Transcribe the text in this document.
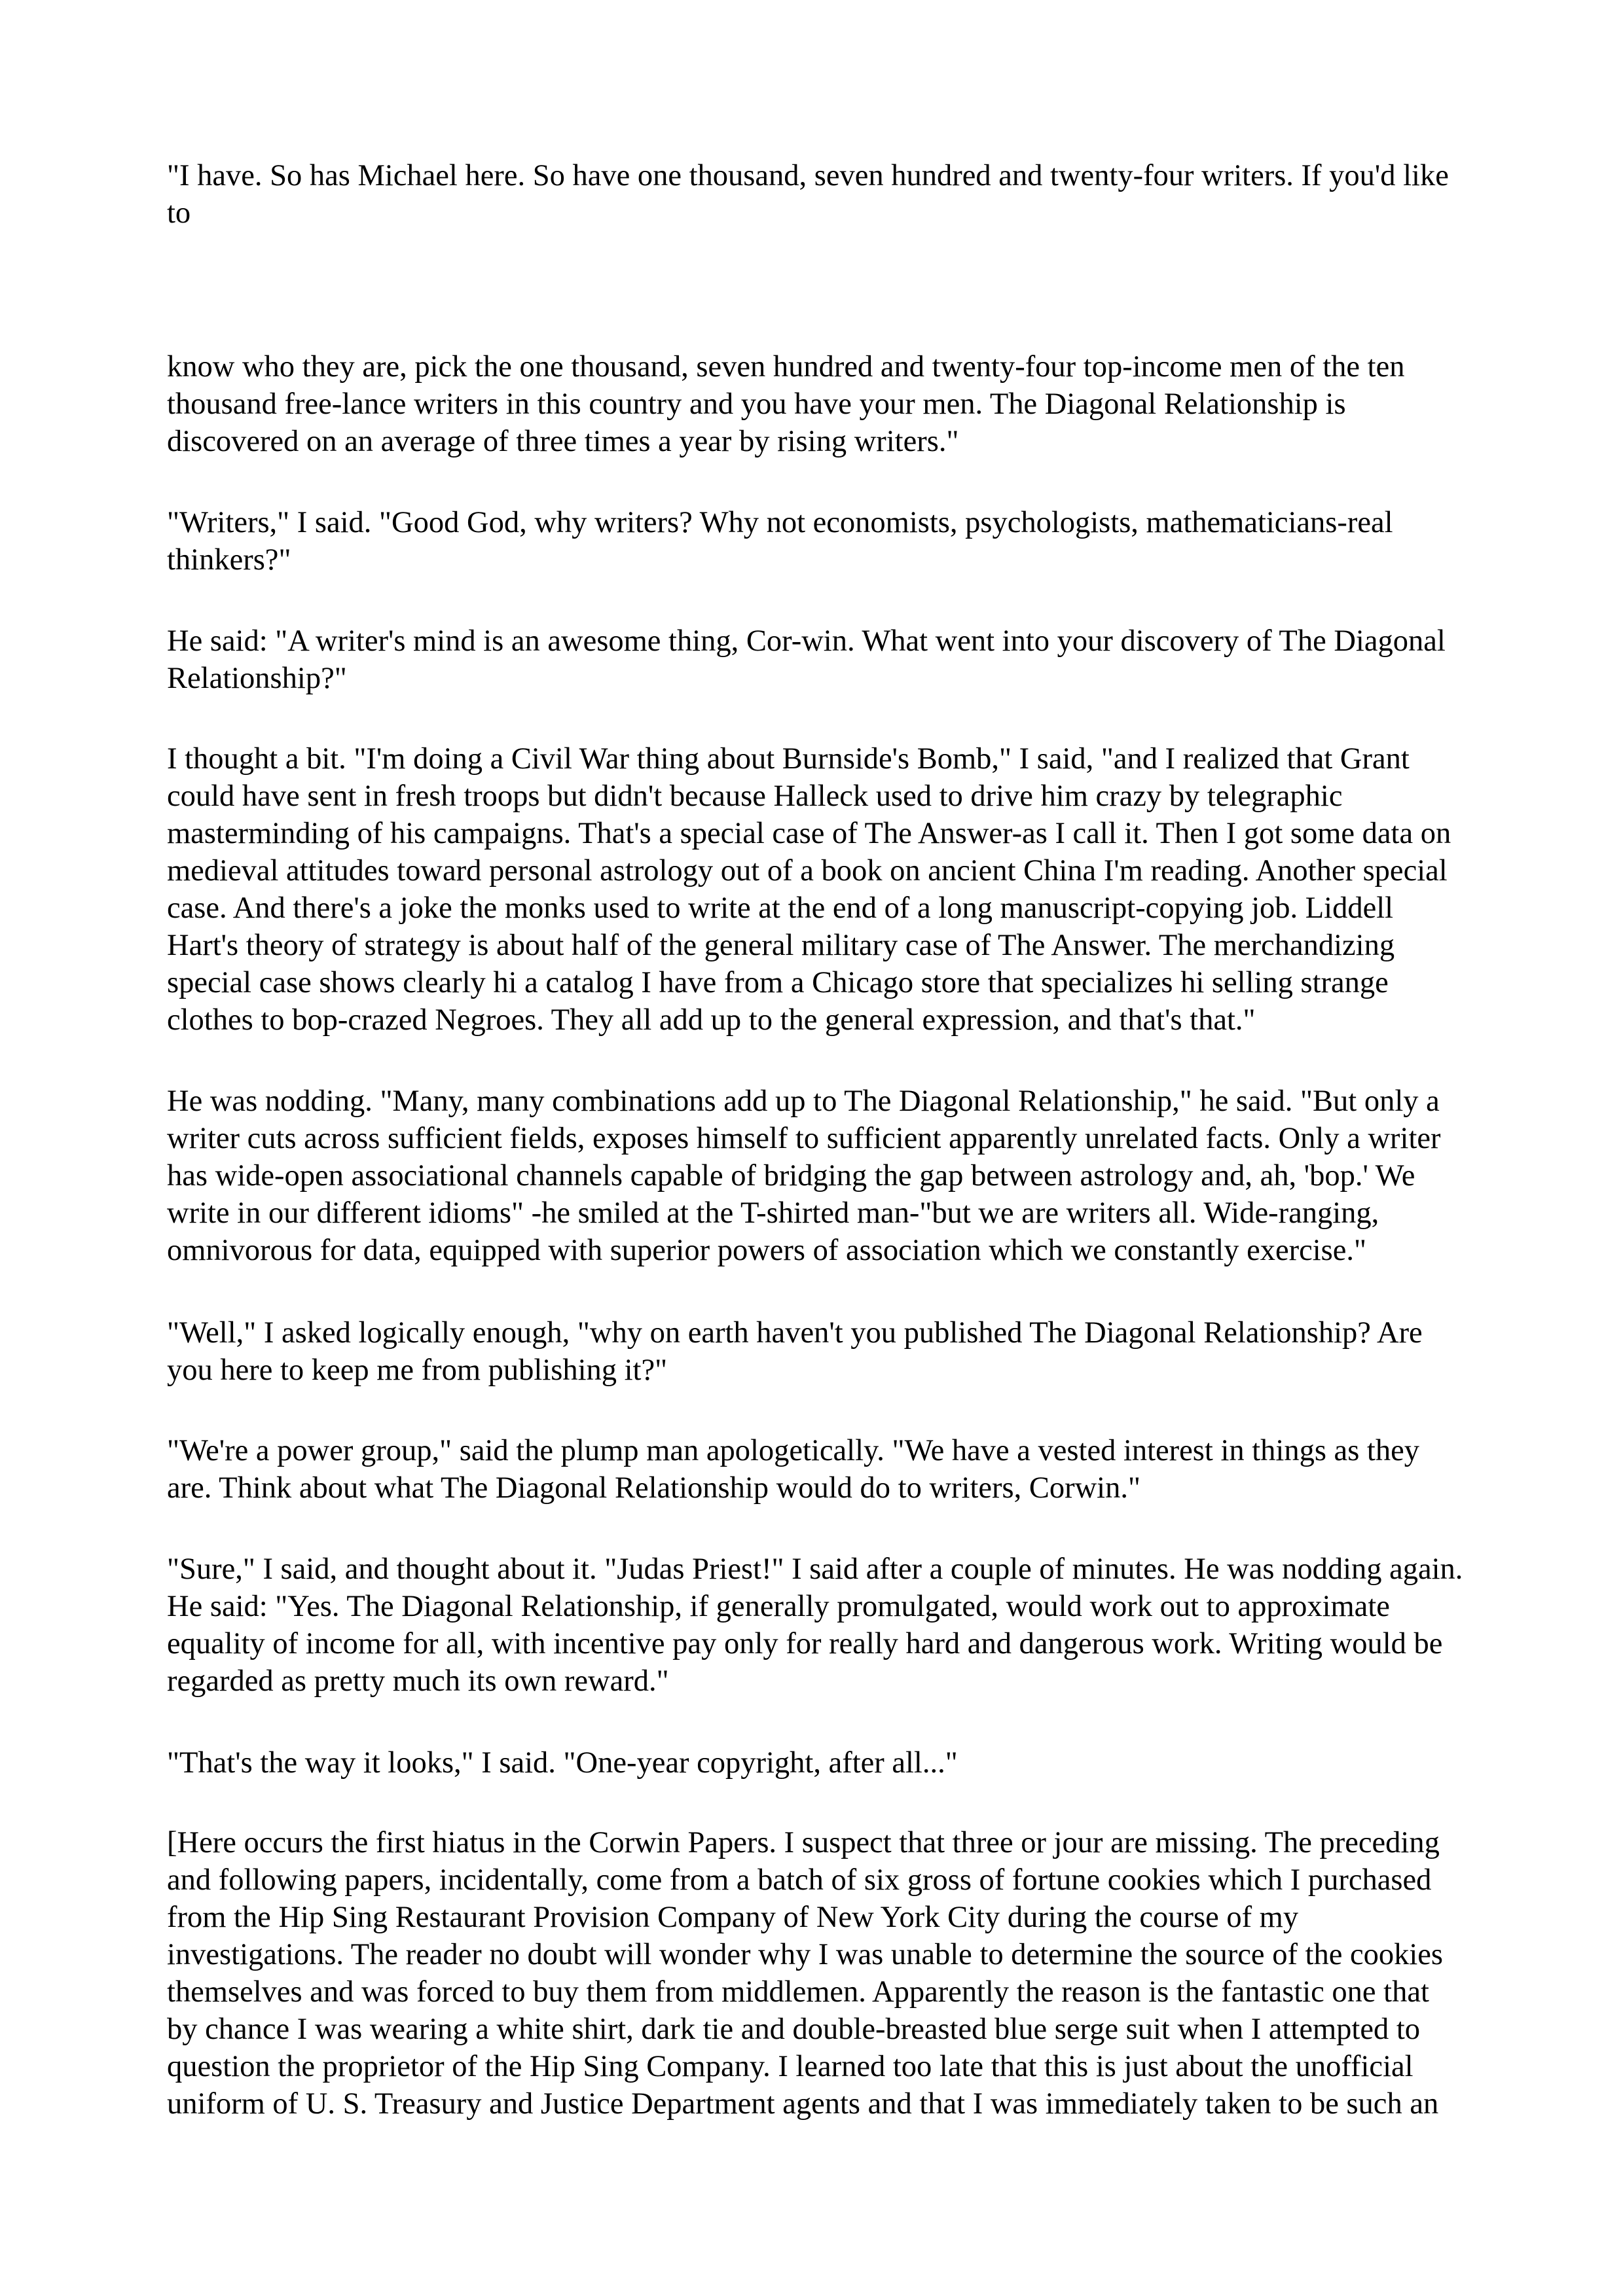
"I have. So has Michael here. So have one thousand, seven hundred and twenty-four writers. If you'd like to

know who they are, pick the one thousand, seven hundred and twenty-four top-income men of the ten thousand free-lance writers in this country and you have your men. The Diagonal Relationship is discovered on an average of three times a year by rising writers."

"Writers," I said. "Good God, why writers? Why not economists, psychologists, mathematicians-real thinkers?"

He said: "A writer's mind is an awesome thing, Cor-win. What went into your discovery of The Diagonal Relationship?"

I thought a bit. "I'm doing a Civil War thing about Burnside's Bomb," I said, "and I realized that Grant could have sent in fresh troops but didn't because Halleck used to drive him crazy by telegraphic masterminding of his campaigns. That's a special case of The Answer-as I call it. Then I got some data on medieval attitudes toward personal astrology out of a book on ancient China I'm reading. Another special case. And there's a joke the monks used to write at the end of a long manuscript-copying job. Liddell Hart's theory of strategy is about half of the general military case of The Answer. The merchandizing special case shows clearly hi a catalog I have from a Chicago store that specializes hi selling strange clothes to bop-crazed Negroes. They all add up to the general expression, and that's that."

He was nodding. "Many, many combinations add up to The Diagonal Relationship," he said. "But only a writer cuts across sufficient fields, exposes himself to sufficient apparently unrelated facts. Only a writer has wide-open associational channels capable of bridging the gap between astrology and, ah, 'bop.' We write in our different idioms" -he smiled at the T-shirted man-"but we are writers all. Wide-ranging, omnivorous for data, equipped with superior powers of association which we constantly exercise."

"Well," I asked logically enough, "why on earth haven't you published The Diagonal Relationship? Are you here to keep me from publishing it?"

"We're a power group," said the plump man apologetically. "We have a vested interest in things as they are. Think about what The Diagonal Relationship would do to writers, Corwin."

"Sure," I said, and thought about it. "Judas Priest!" I said after a couple of minutes. He was nodding again. He said: "Yes. The Diagonal Relationship, if generally promulgated, would work out to approximate equality of income for all, with incentive pay only for really hard and dangerous work. Writing would be regarded as pretty much its own reward."

"That's the way it looks," I said. "One-year copyright, after all..."

[Here occurs the first hiatus in the Corwin Papers. I suspect that three or jour are missing. The preceding and following papers, incidentally, come from a batch of six gross of fortune cookies which I purchased from the Hip Sing Restaurant Provision Company of New York City during the course of my investigations. The reader no doubt will wonder why I was unable to determine the source of the cookies themselves and was forced to buy them from middlemen. Apparently the reason is the fantastic one that by chance I was wearing a white shirt, dark tie and double-breasted blue serge suit when I attempted to question the proprietor of the Hip Sing Company. I learned too late that this is just about the unofficial uniform of U. S. Treasury and Justice Department agents and that I was immediately taken to be such an
